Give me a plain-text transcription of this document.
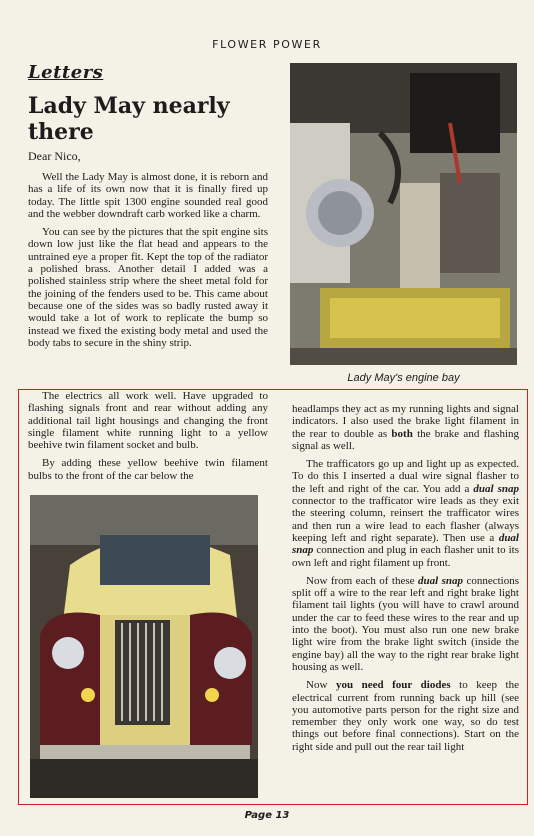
FLOWER POWER
Letters
Lady May nearly there
Dear Nico,

Well the Lady May is almost done, it is reborn and has a life of its own now that it is finally fired up today. The little spit 1300 engine sounded real good and the webber downdraft carb worked like a charm.

You can see by the pictures that the spit engine sits down low just like the flat head and appears to the untrained eye a proper fit. Kept the top of the radiator a polished brass. Another detail I added was a polished stainless strip where the sheet metal fold for the joining of the fenders used to be. This came about because one of the sides was so badly rusted away it would take a lot of work to replicate the bump so instead we fixed the existing body metal and used the body tabs to secure in the shiny strip.

Lady May's engine bay

The electrics all work well. Have upgraded to flashing signals front and rear without adding any additional tail light housings and changing the front single filament white running light to a yellow beehive twin filament socket and bulb.

By adding these yellow beehive twin filament bulbs to the front of the car below the

headlamps they act as my running lights and signal indicators. I also used the brake light filament in the rear to double as both the brake and flashing signal as well.

The trafficators go up and light up as expected. To do this I inserted a dual wire signal flasher to the left and right of the car. You add a dual snap connector to the trafficator wire leads as they exit the steering column, reinsert the trafficator wires and then run a wire lead to each flasher (always keeping left and right separate). Then use a dual snap connection and plug in each flasher unit to its own left and right filament up front.

Now from each of these dual snap connections split off a wire to the rear left and right brake light filament tail lights (you will have to crawl around under the car to feed these wires to the rear and up into the boot). You must also run one new brake light wire from the brake light switch (inside the engine bay) all the way to the right rear brake light housing as well.

Now you need four diodes to keep the electrical current from running back up hill (see you automotive parts person for the right size and remember they only work one way, so do test things out before final connections). Start on the right side and pull out the rear tail light

Page 13
